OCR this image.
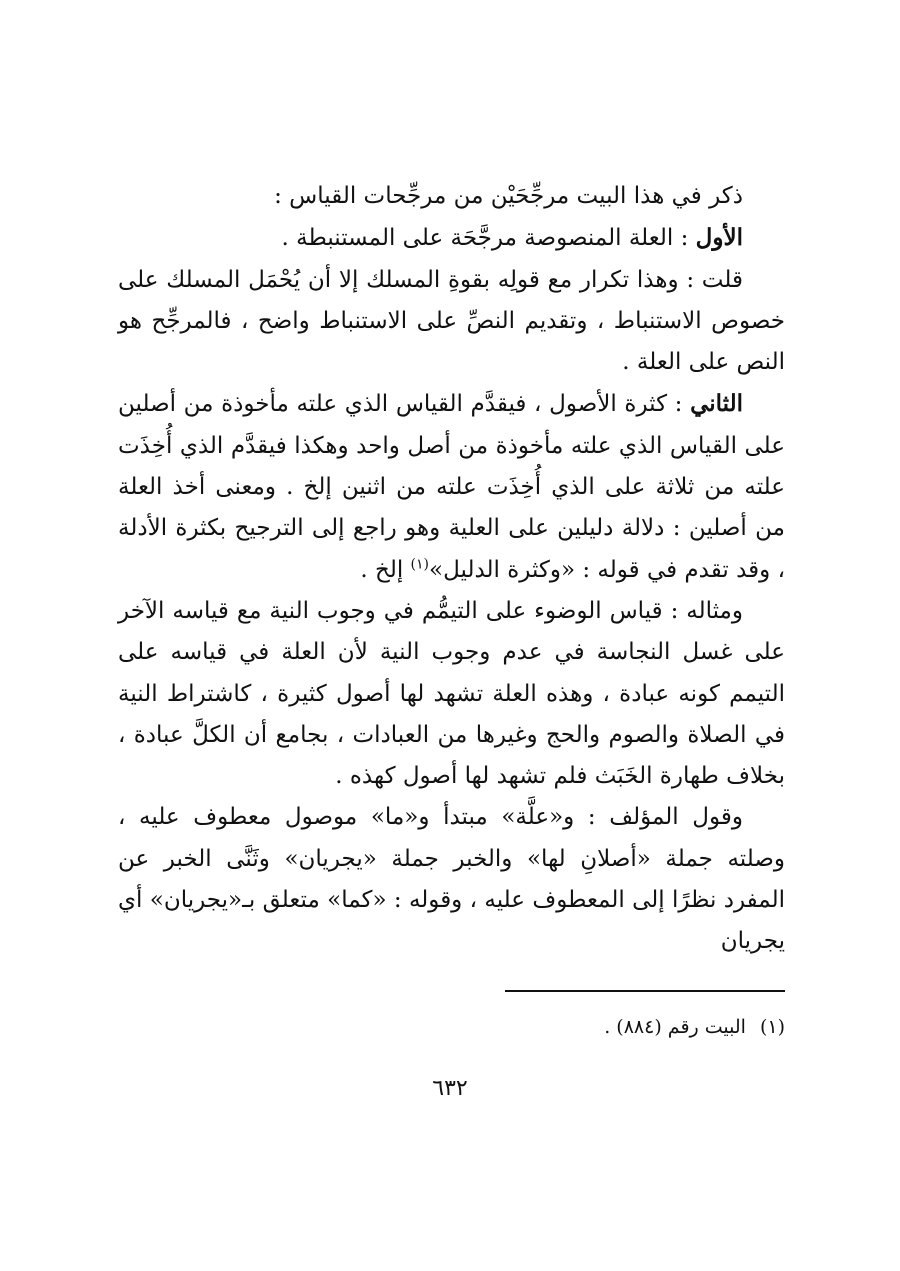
ذكر في هذا البيت مرجِّحَيْن من مرجِّحات القياس :

الأول : العلة المنصوصة مرجَّحَة على المستنبطة .

قلت : وهذا تكرار مع قولِه بقوةِ المسلك إلا أن يُحْمَل المسلك على خصوص الاستنباط ، وتقديم النصِّ على الاستنباط واضح ، فالمرجِّح هو النص على العلة .

الثاني : كثرة الأصول ، فيقدَّم القياس الذي علته مأخوذة من أصلين على القياس الذي علته مأخوذة من أصل واحد وهكذا فيقدَّم الذي أُخِذَت علته من ثلاثة على الذي أُخِذَت علته من اثنين إلخ . ومعنى أخذ العلة من أصلين : دلالة دليلين على العلية وهو راجع إلى الترجيح بكثرة الأدلة ، وقد تقدم في قوله : «وكثرة الدليل»$^{(١)}$ إلخ .

ومثاله : قياس الوضوء على التيمُّم في وجوب النية مع قياسه الآخر على غسل النجاسة في عدم وجوب النية لأن العلة في قياسه على التيمم كونه عبادة ، وهذه العلة تشهد لها أصول كثيرة ، كاشتراط النية في الصلاة والصوم والحج وغيرها من العبادات ، بجامع أن الكلَّ عبادة ، بخلاف طهارة الخَبَث فلم تشهد لها أصول كهذه .

وقول المؤلف : و«علَّة» مبتدأ و«ما» موصول معطوف عليه ، وصلته جملة «أصلانِ لها» والخبر جملة «يجريان» وثَنَّى الخبر عن المفرد نظرًا إلى المعطوف عليه ، وقوله : «كما» متعلق بـ«يجريان» أي يجريان

(١)البيت رقم (٨٨٤) .
٦٣٢
